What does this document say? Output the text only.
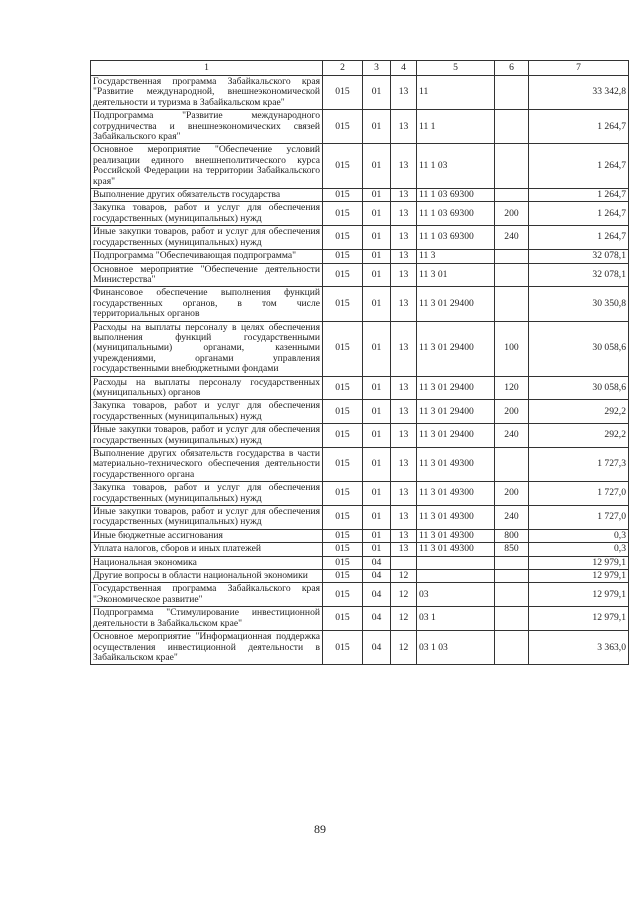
1	2	3	4	5	6	7
Государственная программа Забайкальского края "Развитие международной, внешнеэкономической деятельности и туризма в Забайкальском крае"	015	01	13	11		33 342,8
Подпрограмма "Развитие международного сотрудничества и внешнеэкономических связей Забайкальского края"	015	01	13	11 1		1 264,7
Основное мероприятие "Обеспечение условий реализации единого внешнеполитического курса Российской Федерации на территории Забайкальского края"	015	01	13	11 1 03		1 264,7
Выполнение других обязательств государства	015	01	13	11 1 03 69300		1 264,7
Закупка товаров, работ и услуг для обеспечения государственных (муниципальных) нужд	015	01	13	11 1 03 69300	200	1 264,7
Иные закупки товаров, работ и услуг для обеспечения государственных (муниципальных) нужд	015	01	13	11 1 03 69300	240	1 264,7
Подпрограмма "Обеспечивающая подпрограмма"	015	01	13	11 3		32 078,1
Основное мероприятие "Обеспечение деятельности Министерства"	015	01	13	11 3 01		32 078,1
Финансовое обеспечение выполнения функций государственных органов, в том числе территориальных органов	015	01	13	11 3 01 29400		30 350,8
Расходы на выплаты персоналу в целях обеспечения выполнения функций государственными (муниципальными) органами, казенными учреждениями, органами управления государственными внебюджетными фондами	015	01	13	11 3 01 29400	100	30 058,6
Расходы на выплаты персоналу государственных (муниципальных) органов	015	01	13	11 3 01 29400	120	30 058,6
Закупка товаров, работ и услуг для обеспечения государственных (муниципальных) нужд	015	01	13	11 3 01 29400	200	292,2
Иные закупки товаров, работ и услуг для обеспечения государственных (муниципальных) нужд	015	01	13	11 3 01 29400	240	292,2
Выполнение других обязательств государства в части материально-технического обеспечения деятельности государственного органа	015	01	13	11 3 01 49300		1 727,3
Закупка товаров, работ и услуг для обеспечения государственных (муниципальных) нужд	015	01	13	11 3 01 49300	200	1 727,0
Иные закупки товаров, работ и услуг для обеспечения государственных (муниципальных) нужд	015	01	13	11 3 01 49300	240	1 727,0
Иные бюджетные ассигнования	015	01	13	11 3 01 49300	800	0,3
Уплата налогов, сборов и иных платежей	015	01	13	11 3 01 49300	850	0,3
Национальная экономика	015	04				12 979,1
Другие вопросы в области национальной экономики	015	04	12			12 979,1
Государственная программа Забайкальского края "Экономическое развитие"	015	04	12	03		12 979,1
Подпрограмма "Стимулирование инвестиционной деятельности в Забайкальском крае"	015	04	12	03 1		12 979,1
Основное мероприятие "Информационная поддержка осуществления инвестиционной деятельности в Забайкальском крае"	015	04	12	03 1 03		3 363,0
89
